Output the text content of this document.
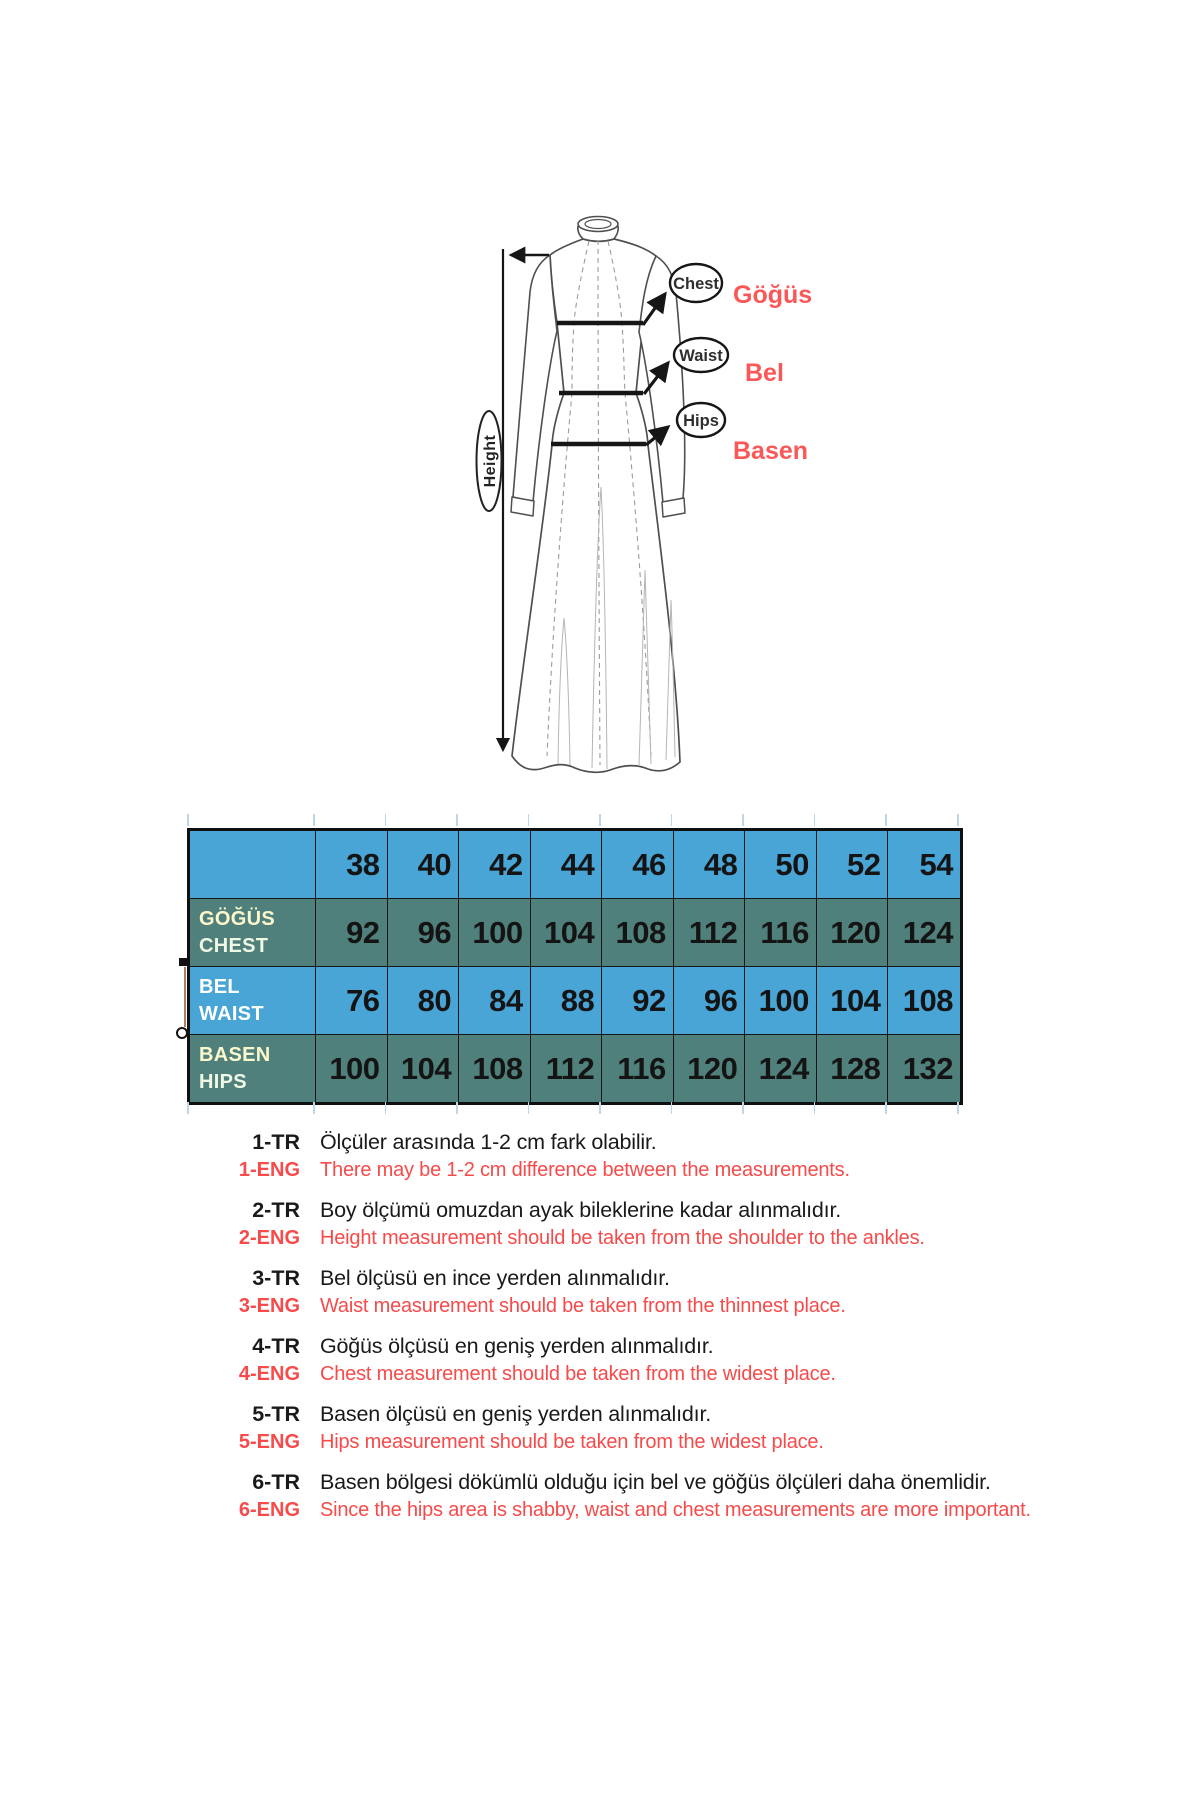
Height
Chest
Waist
Hips
Göğüs
Bel
Basen
38	40	42	44	46	48	50	52	54
GÖĞÜS
CHEST	92	96 100 104 108 112 116 120 124
BEL
WAIST	76	80	84	88	92	96 100 104 108
BASEN
HIPS	100 104 108 112 116 120 124 128 132
1-TR Ölçüler arasında 1-2 cm fark olabilir.
1-ENG There may be 1-2 cm difference between the measurements.
2-TR Boy ölçümü omuzdan ayak bileklerine kadar alınmalıdır.
2-ENG Height measurement should be taken from the shoulder to the ankles.
3-TR Bel ölçüsü en ince yerden alınmalıdır.
3-ENG Waist measurement should be taken from the thinnest place.
4-TR Göğüs ölçüsü en geniş yerden alınmalıdır.
4-ENG Chest measurement should be taken from the widest place.
5-TR Basen ölçüsü en geniş yerden alınmalıdır.
5-ENG Hips measurement should be taken from the widest place.
6-TR Basen bölgesi dökümlü olduğu için bel ve göğüs ölçüleri daha önemlidir.
6-ENG Since the hips area is shabby, waist and chest measurements are more important.
